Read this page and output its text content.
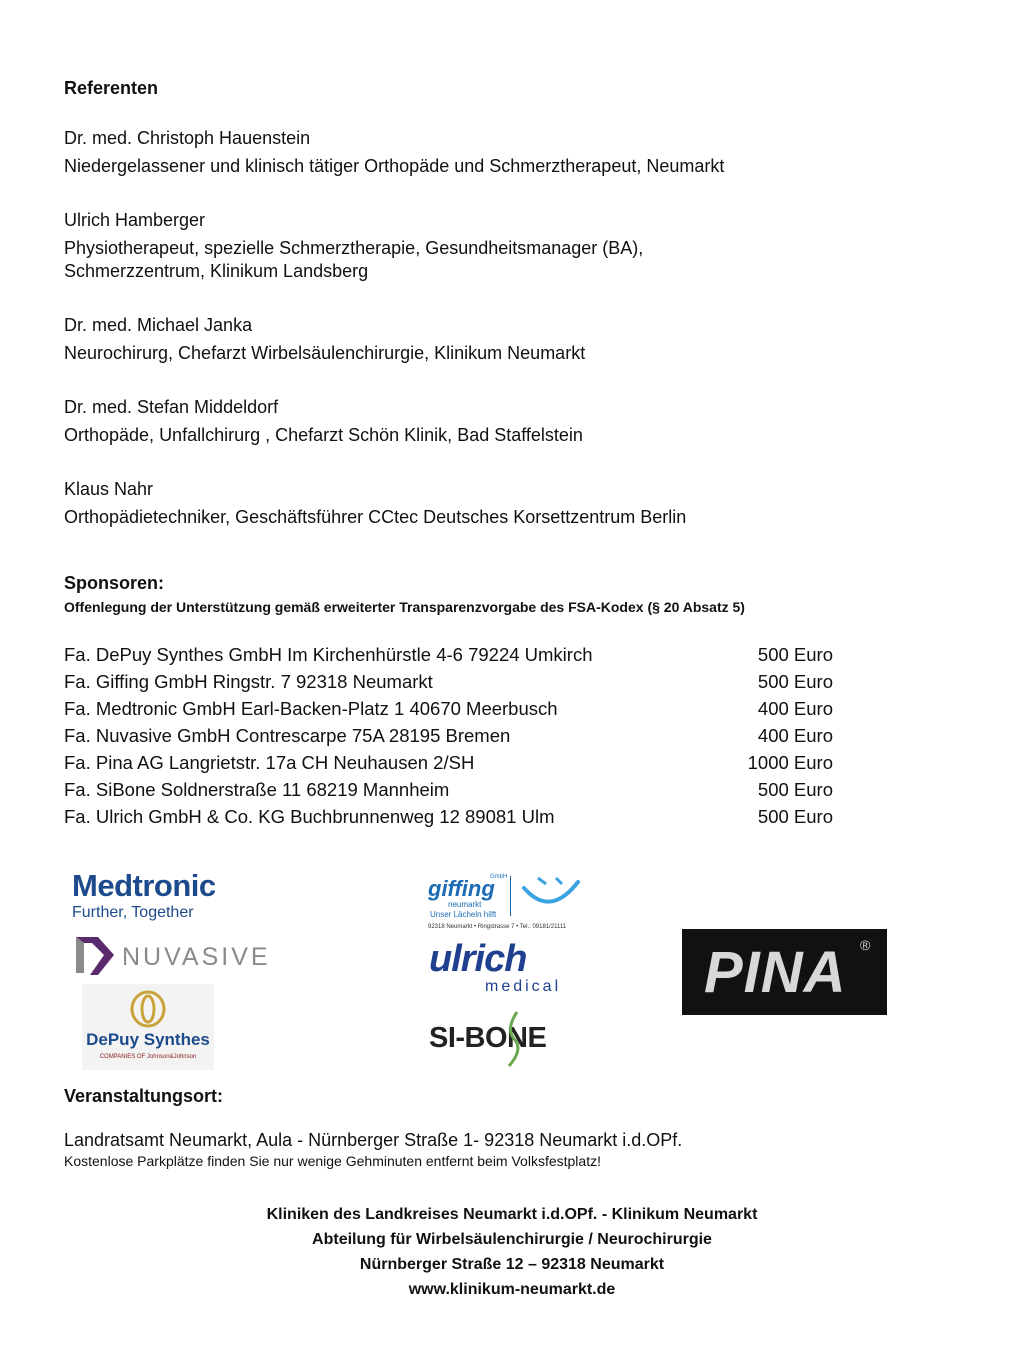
Referenten
Dr. med. Christoph Hauenstein
Niedergelassener und klinisch tätiger Orthopäde und Schmerztherapeut, Neumarkt
Ulrich Hamberger
Physiotherapeut, spezielle Schmerztherapie, Gesundheitsmanager (BA),
Schmerzzentrum, Klinikum Landsberg
Dr. med. Michael Janka
Neurochirurg, Chefarzt Wirbelsäulenchirurgie, Klinikum Neumarkt
Dr. med. Stefan Middeldorf
Orthopäde, Unfallchirurg , Chefarzt Schön Klinik, Bad Staffelstein
Klaus Nahr
Orthopädietechniker, Geschäftsführer CCtec Deutsches Korsettzentrum Berlin
Sponsoren:
Offenlegung der Unterstützung gemäß erweiterter Transparenzvorgabe des FSA-Kodex (§ 20 Absatz 5)
Fa. DePuy Synthes GmbH Im Kirchenhürstle 4-6 79224 Umkirch	500 Euro
Fa. Giffing GmbH Ringstr. 7 92318 Neumarkt	500 Euro
Fa. Medtronic GmbH Earl-Backen-Platz 1 40670 Meerbusch	400 Euro
Fa. Nuvasive GmbH Contrescarpe 75A 28195 Bremen	400 Euro
Fa. Pina AG Langrietstr. 17a CH Neuhausen 2/SH	1000 Euro
Fa. SiBone Soldnerstraße 11 68219 Mannheim	500 Euro
Fa. Ulrich GmbH & Co. KG Buchbrunnenweg 12 89081 Ulm	500 Euro
Medtronic
Further, Together
NUVASIVE
DePuy Synthes
COMPANIES OF Johnson&Johnson
giffing
GmbH
neumarkt
Unser Lächeln hilft
92318 Neumarkt • Ringstrasse 7 • Tel.: 09181/21111
ulrich
medical
SI-BONE
PINA ®
Veranstaltungsort:
Landratsamt Neumarkt, Aula - Nürnberger Straße 1- 92318 Neumarkt i.d.OPf.
Kostenlose Parkplätze finden Sie nur wenige Gehminuten entfernt beim Volksfestplatz!
Kliniken des Landkreises Neumarkt i.d.OPf. - Klinikum Neumarkt
Abteilung für Wirbelsäulenchirurgie / Neurochirurgie
Nürnberger Straße 12 – 92318 Neumarkt
www.klinikum-neumarkt.de
